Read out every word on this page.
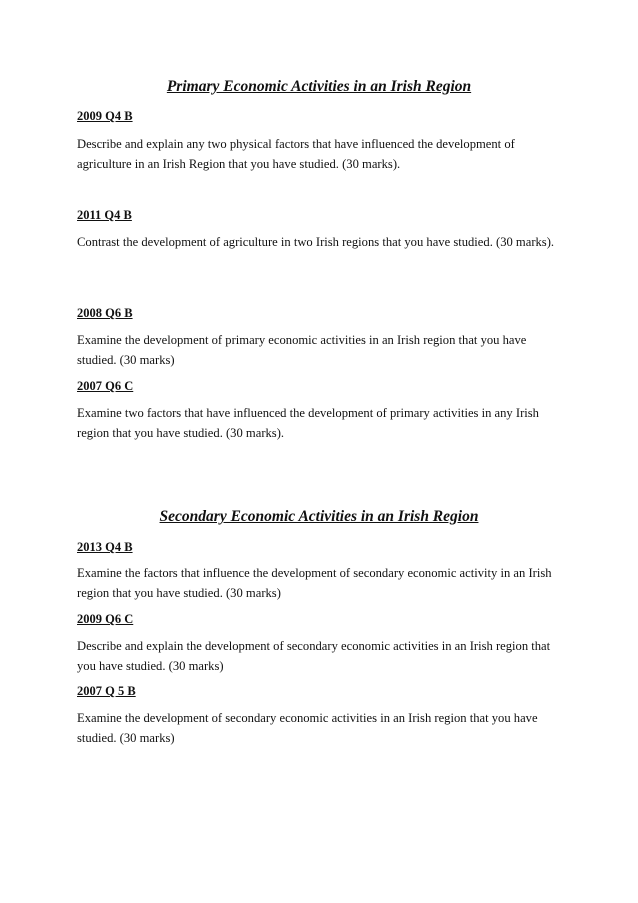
Primary Economic Activities in an Irish Region
2009 Q4 B
Describe and explain any two physical factors that have influenced the development of agriculture in an Irish Region that you have studied. (30 marks).
2011 Q4 B
Contrast the development of agriculture in two Irish regions that you have studied. (30 marks).
2008 Q6 B
Examine the development of primary economic activities in an Irish region that you have studied. (30 marks)
2007 Q6 C
Examine two factors that have influenced the development of primary activities in any Irish region that you have studied. (30 marks).
Secondary Economic Activities in an Irish Region
2013 Q4 B
Examine the factors that influence the development of secondary economic activity in an Irish region that you have studied. (30 marks)
2009 Q6 C
Describe and explain the development of secondary economic activities in an Irish region that you have studied. (30 marks)
2007 Q 5 B
Examine the development of secondary economic activities in an Irish region that you have studied. (30 marks)
